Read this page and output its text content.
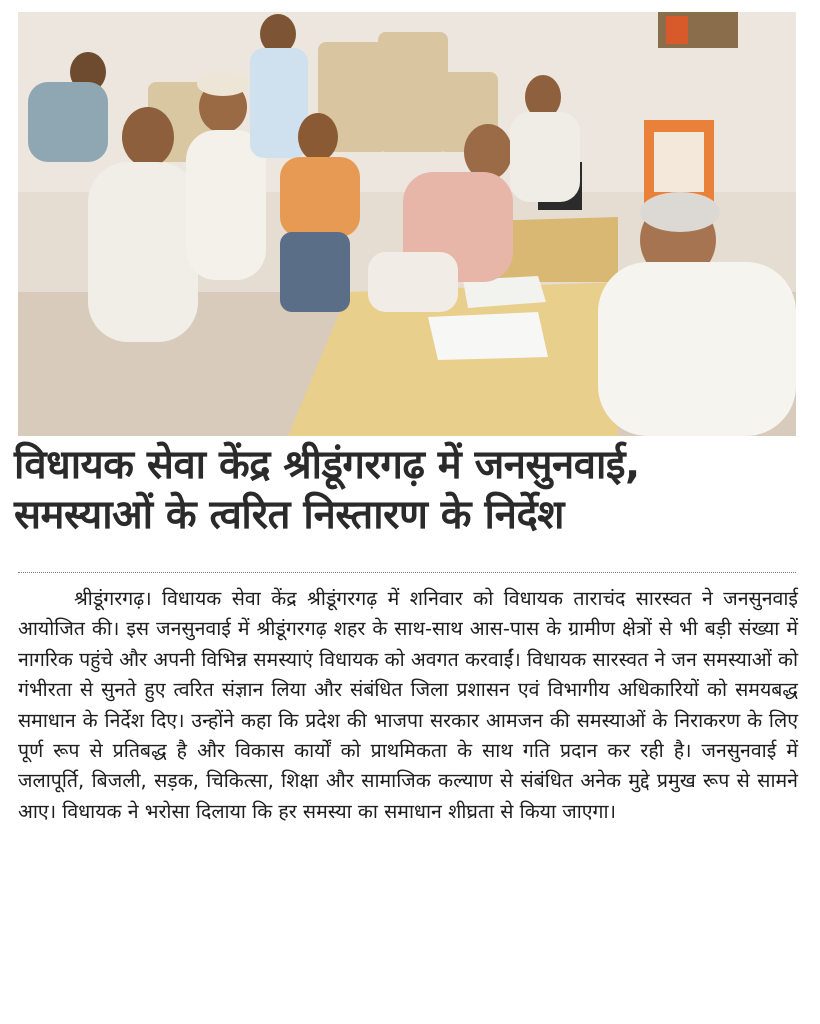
विधायक सेवा केंद्र श्रीडूंगरगढ़ में जनसुनवाई,
समस्याओं के त्वरित निस्तारण के निर्देश

श्रीडूंगरगढ़। विधायक सेवा केंद्र श्रीडूंगरगढ़ में शनिवार को विधायक ताराचंद सारस्वत ने जनसुनवाई आयोजित की। इस जनसुनवाई में श्रीडूंगरगढ़ शहर के साथ-साथ आस-पास के ग्रामीण क्षेत्रों से भी बड़ी संख्या में नागरिक पहुंचे और अपनी विभिन्न समस्याएं विधायक को अवगत करवाईं। विधायक सारस्वत ने जन समस्याओं को गंभीरता से सुनते हुए त्वरित संज्ञान लिया और संबंधित जिला प्रशासन एवं विभागीय अधिकारियों को समयबद्ध समाधान के निर्देश दिए। उन्होंने कहा कि प्रदेश की भाजपा सरकार आमजन की समस्याओं के निराकरण के लिए पूर्ण रूप से प्रतिबद्ध है और विकास कार्यों को प्राथमिकता के साथ गति प्रदान कर रही है। जनसुनवाई में जलापूर्ति, बिजली, सड़क, चिकित्सा, शिक्षा और सामाजिक कल्याण से संबंधित अनेक मुद्दे प्रमुख रूप से सामने आए। विधायक ने भरोसा दिलाया कि हर समस्या का समाधान शीघ्रता से किया जाएगा।
